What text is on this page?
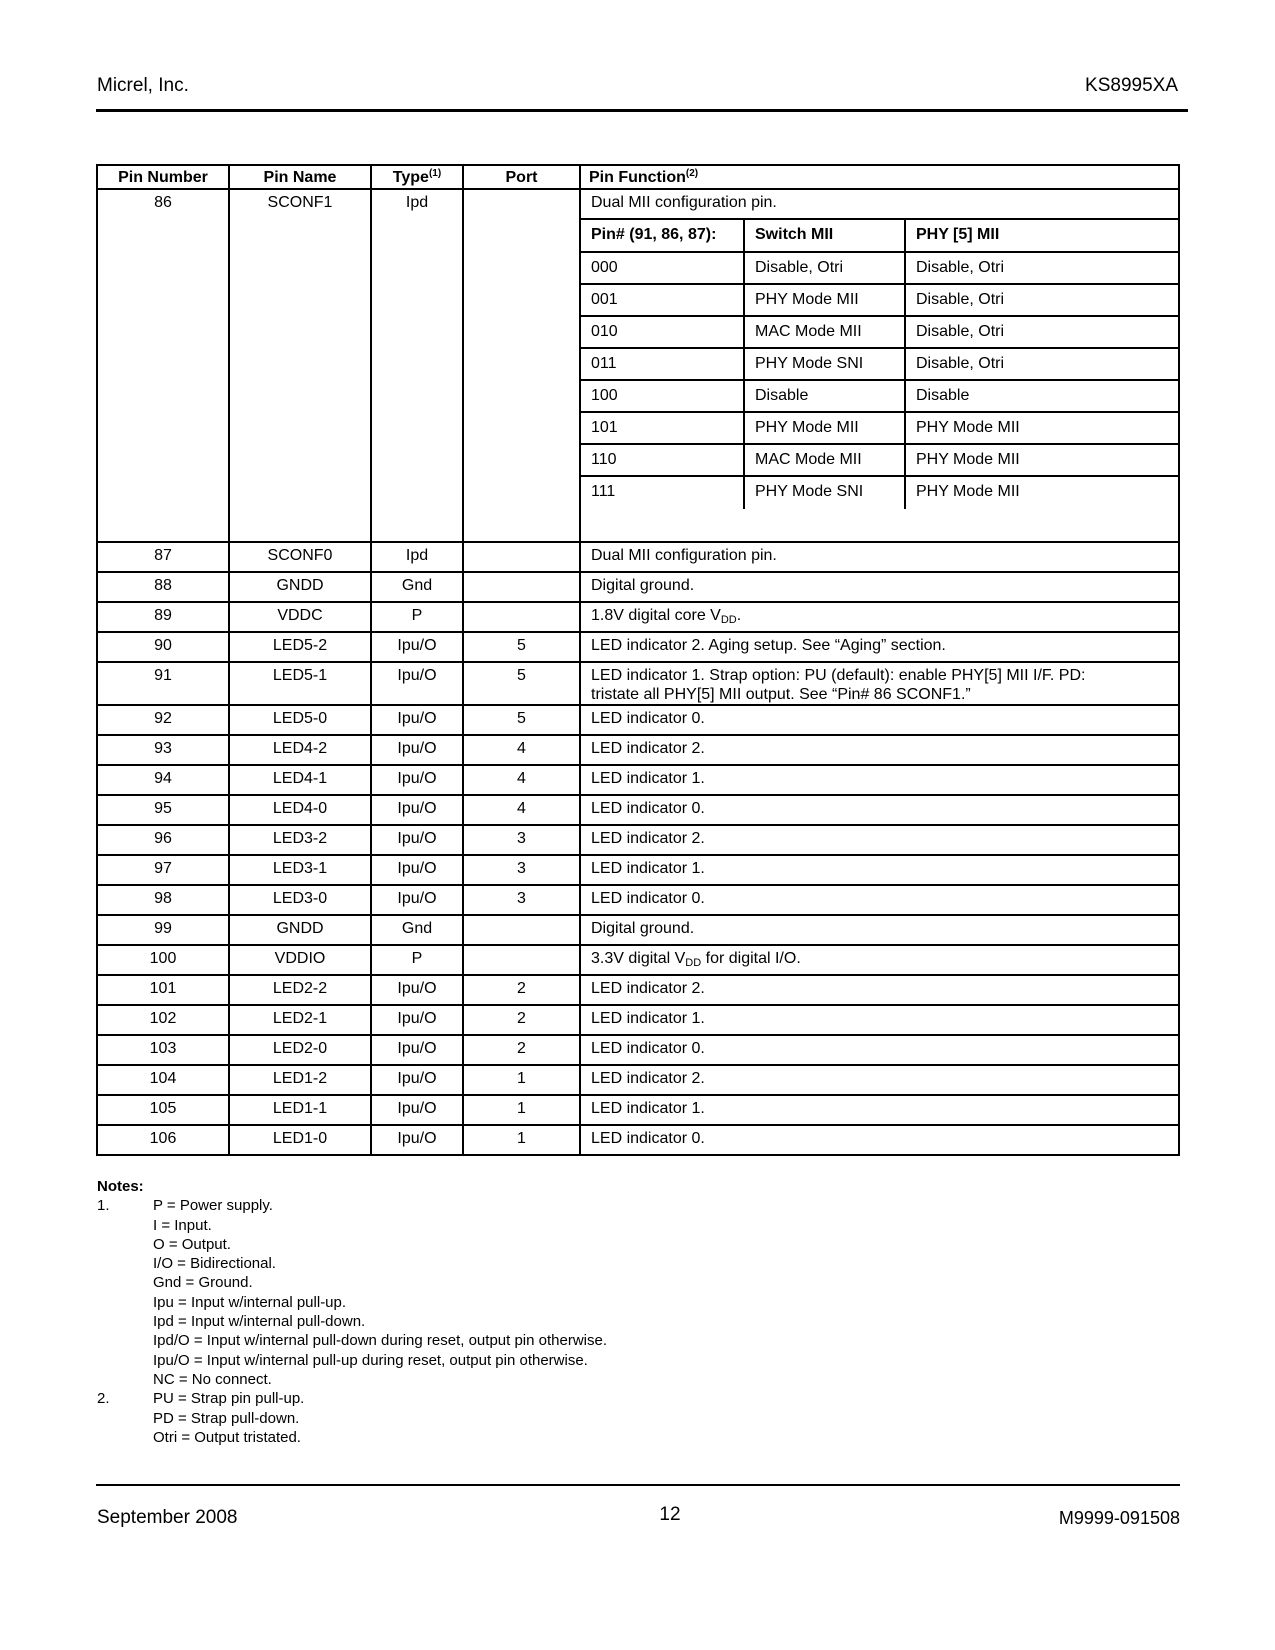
Micrel, Inc.	KS8995XA
Pin Number	Pin Name	Type$^{(1)}$	Port	Pin Function$^{(2)}$
86	SCONF1	Ipd		Dual MII configuration pin.

Pin# (91, 86, 87):	Switch MII	PHY [5] MII
000	Disable, Otri	Disable, Otri
001	PHY Mode MII	Disable, Otri
010	MAC Mode MII	Disable, Otri
011	PHY Mode SNI	Disable, Otri
100	Disable	Disable
101	PHY Mode MII	PHY Mode MII
110	MAC Mode MII	PHY Mode MII
111	PHY Mode SNI	PHY Mode MII

87	SCONF0	Ipd		Dual MII configuration pin.
88	GNDD	Gnd		Digital ground.
89	VDDC	P		1.8V digital core $V_{DD}$.
90	LED5-2	Ipu/O	5	LED indicator 2. Aging setup. See “Aging” section.
91	LED5-1	Ipu/O	5	LED indicator 1. Strap option: PU (default): enable PHY[5] MII I/F. PD:
tristate all PHY[5] MII output. See “Pin# 86 SCONF1.”

92	LED5-0	Ipu/O	5	LED indicator 0.
93	LED4-2	Ipu/O	4	LED indicator 2.
94	LED4-1	Ipu/O	4	LED indicator 1.
95	LED4-0	Ipu/O	4	LED indicator 0.
96	LED3-2	Ipu/O	3	LED indicator 2.
97	LED3-1	Ipu/O	3	LED indicator 1.
98	LED3-0	Ipu/O	3	LED indicator 0.
99	GNDD	Gnd		Digital ground.
100	VDDIO	P		3.3V digital $V_{DD}$ for digital I/O.
101	LED2-2	Ipu/O	2	LED indicator 2.
102	LED2-1	Ipu/O	2	LED indicator 1.
103	LED2-0	Ipu/O	2	LED indicator 0.
104	LED1-2	Ipu/O	1	LED indicator 2.
105	LED1-1	Ipu/O	1	LED indicator 1.
106	LED1-0	Ipu/O	1	LED indicator 0.
Notes:
1.	P = Power supply.
I = Input.
O = Output.
I/O = Bidirectional.
Gnd = Ground.
Ipu = Input w/internal pull-up.
Ipd = Input w/internal pull-down.
Ipd/O = Input w/internal pull-down during reset, output pin otherwise.
Ipu/O = Input w/internal pull-up during reset, output pin otherwise.
NC = No connect.
2.	PU = Strap pin pull-up.
PD = Strap pull-down.
Otri = Output tristated.
September 2008	12	M9999-091508
